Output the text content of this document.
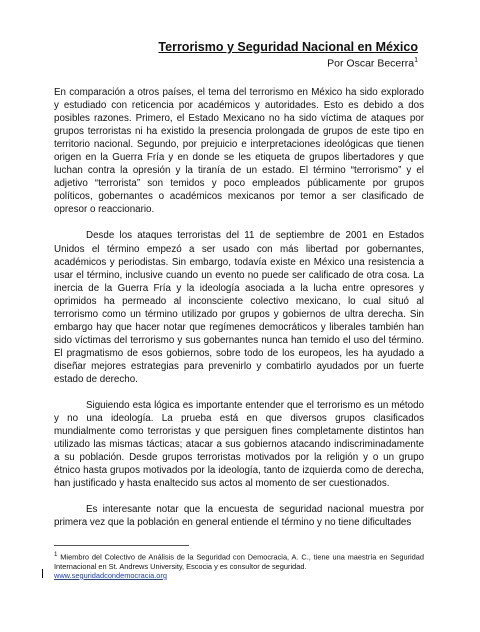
Terrorismo y Seguridad Nacional en México
Por Oscar Becerra$^1$

En comparación a otros países, el tema del terrorismo en México ha sido explorado y estudiado con reticencia por académicos y autoridades. Esto es debido a dos posibles razones. Primero, el Estado Mexicano no ha sido víctima de ataques por grupos terroristas ni ha existido la presencia prolongada de grupos de este tipo en territorio nacional. Segundo, por prejuicio e interpretaciones ideológicas que tienen origen en la Guerra Fría y en donde se les etiqueta de grupos libertadores y que luchan contra la opresión y la tiranía de un estado. El término “terrorismo” y el adjetivo “terrorista” son temidos y poco empleados públicamente por grupos políticos, gobernantes o académicos mexicanos por temor a ser clasificado de opresor o reaccionario.

Desde los ataques terroristas del 11 de septiembre de 2001 en Estados Unidos el término empezó a ser usado con más libertad por gobernantes, académicos y periodistas. Sin embargo, todavía existe en México una resistencia a usar el término, inclusive cuando un evento no puede ser calificado de otra cosa. La inercia de la Guerra Fría y la ideología asociada a la lucha entre opresores y oprimidos ha permeado al inconsciente colectivo mexicano, lo cual situó al terrorismo como un término utilizado por grupos y gobiernos de ultra derecha. Sin embargo hay que hacer notar que regímenes democráticos y liberales también han sido víctimas del terrorismo y sus gobernantes nunca han temido el uso del término. El pragmatismo de esos gobiernos, sobre todo de los europeos, les ha ayudado a diseñar mejores estrategias para prevenirlo y combatirlo ayudados por un fuerte estado de derecho.

Siguiendo esta lógica es importante entender que el terrorismo es un método y no una ideología. La prueba está en que diversos grupos clasificados mundialmente como terroristas y que persiguen fines completamente distintos han utilizado las mismas tácticas; atacar a sus gobiernos atacando indiscriminadamente a su población. Desde grupos terroristas motivados por la religión y o un grupo étnico hasta grupos motivados por la ideología, tanto de izquierda como de derecha, han justificado y hasta enaltecido sus actos al momento de ser cuestionados.

Es interesante notar que la encuesta de seguridad nacional muestra por primera vez que la población en general entiende el término y no tiene dificultades

$^1$ Miembro del Colectivo de Análisis de la Seguridad con Democracia, A. C., tiene una maestría en Seguridad Internacional en St. Andrews University, Escocia y es consultor de seguridad.
www.seguridadcondemocracia.org
